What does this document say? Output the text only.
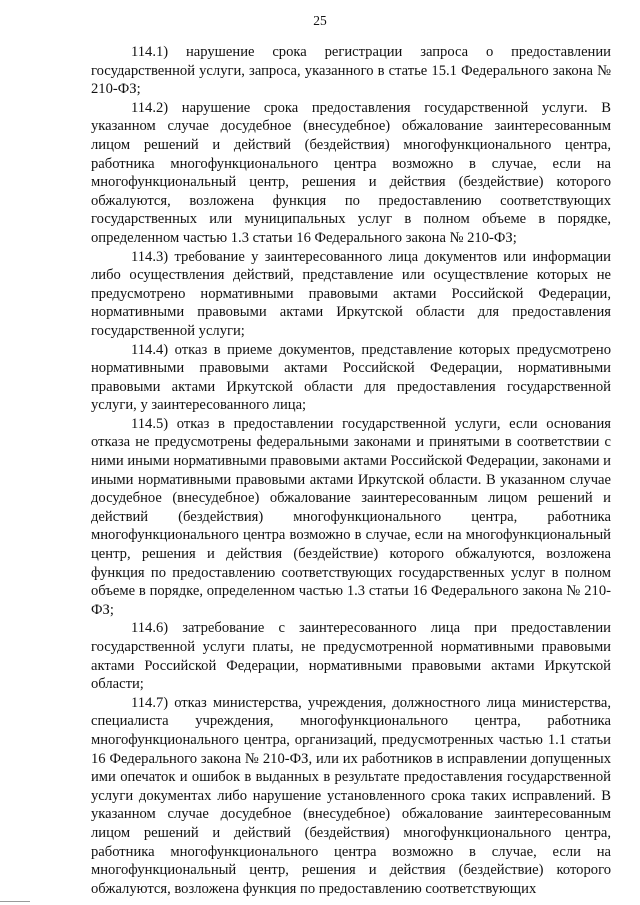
25

114.1) нарушение срока регистрации запроса о предоставлении государственной услуги, запроса, указанного в статье 15.1 Федерального закона № 210-ФЗ;

114.2) нарушение срока предоставления государственной услуги. В указанном случае досудебное (внесудебное) обжалование заинтересованным лицом решений и действий (бездействия) многофункционального центра, работника многофункционального центра возможно в случае, если на многофункциональный центр, решения и действия (бездействие) которого обжалуются, возложена функция по предоставлению соответствующих государственных или муниципальных услуг в полном объеме в порядке, определенном частью 1.3 статьи 16 Федерального закона № 210-ФЗ;

114.3) требование у заинтересованного лица документов или информации либо осуществления действий, представление или осуществление которых не предусмотрено нормативными правовыми актами Российской Федерации, нормативными правовыми актами Иркутской области для предоставления государственной услуги;

114.4) отказ в приеме документов, представление которых предусмотрено нормативными правовыми актами Российской Федерации, нормативными правовыми актами Иркутской области для предоставления государственной услуги, у заинтересованного лица;

114.5) отказ в предоставлении государственной услуги, если основания отказа не предусмотрены федеральными законами и принятыми в соответствии с ними иными нормативными правовыми актами Российской Федерации, законами и иными нормативными правовыми актами Иркутской области. В указанном случае досудебное (внесудебное) обжалование заинтересованным лицом решений и действий (бездействия) многофункционального центра, работника многофункционального центра возможно в случае, если на многофункциональный центр, решения и действия (бездействие) которого обжалуются, возложена функция по предоставлению соответствующих государственных услуг в полном объеме в порядке, определенном частью 1.3 статьи 16 Федерального закона № 210-ФЗ;

114.6) затребование с заинтересованного лица при предоставлении государственной услуги платы, не предусмотренной нормативными правовыми актами Российской Федерации, нормативными правовыми актами Иркутской области;

114.7) отказ министерства, учреждения, должностного лица министерства, специалиста учреждения, многофункционального центра, работника многофункционального центра, организаций, предусмотренных частью 1.1 статьи 16 Федерального закона № 210-ФЗ, или их работников в исправлении допущенных ими опечаток и ошибок в выданных в результате предоставления государственной услуги документах либо нарушение установленного срока таких исправлений. В указанном случае досудебное (внесудебное) обжалование заинтересованным лицом решений и действий (бездействия) многофункционального центра, работника многофункционального центра возможно в случае, если на многофункциональный центр, решения и действия (бездействие) которого обжалуются, возложена функция по предоставлению соответствующих
